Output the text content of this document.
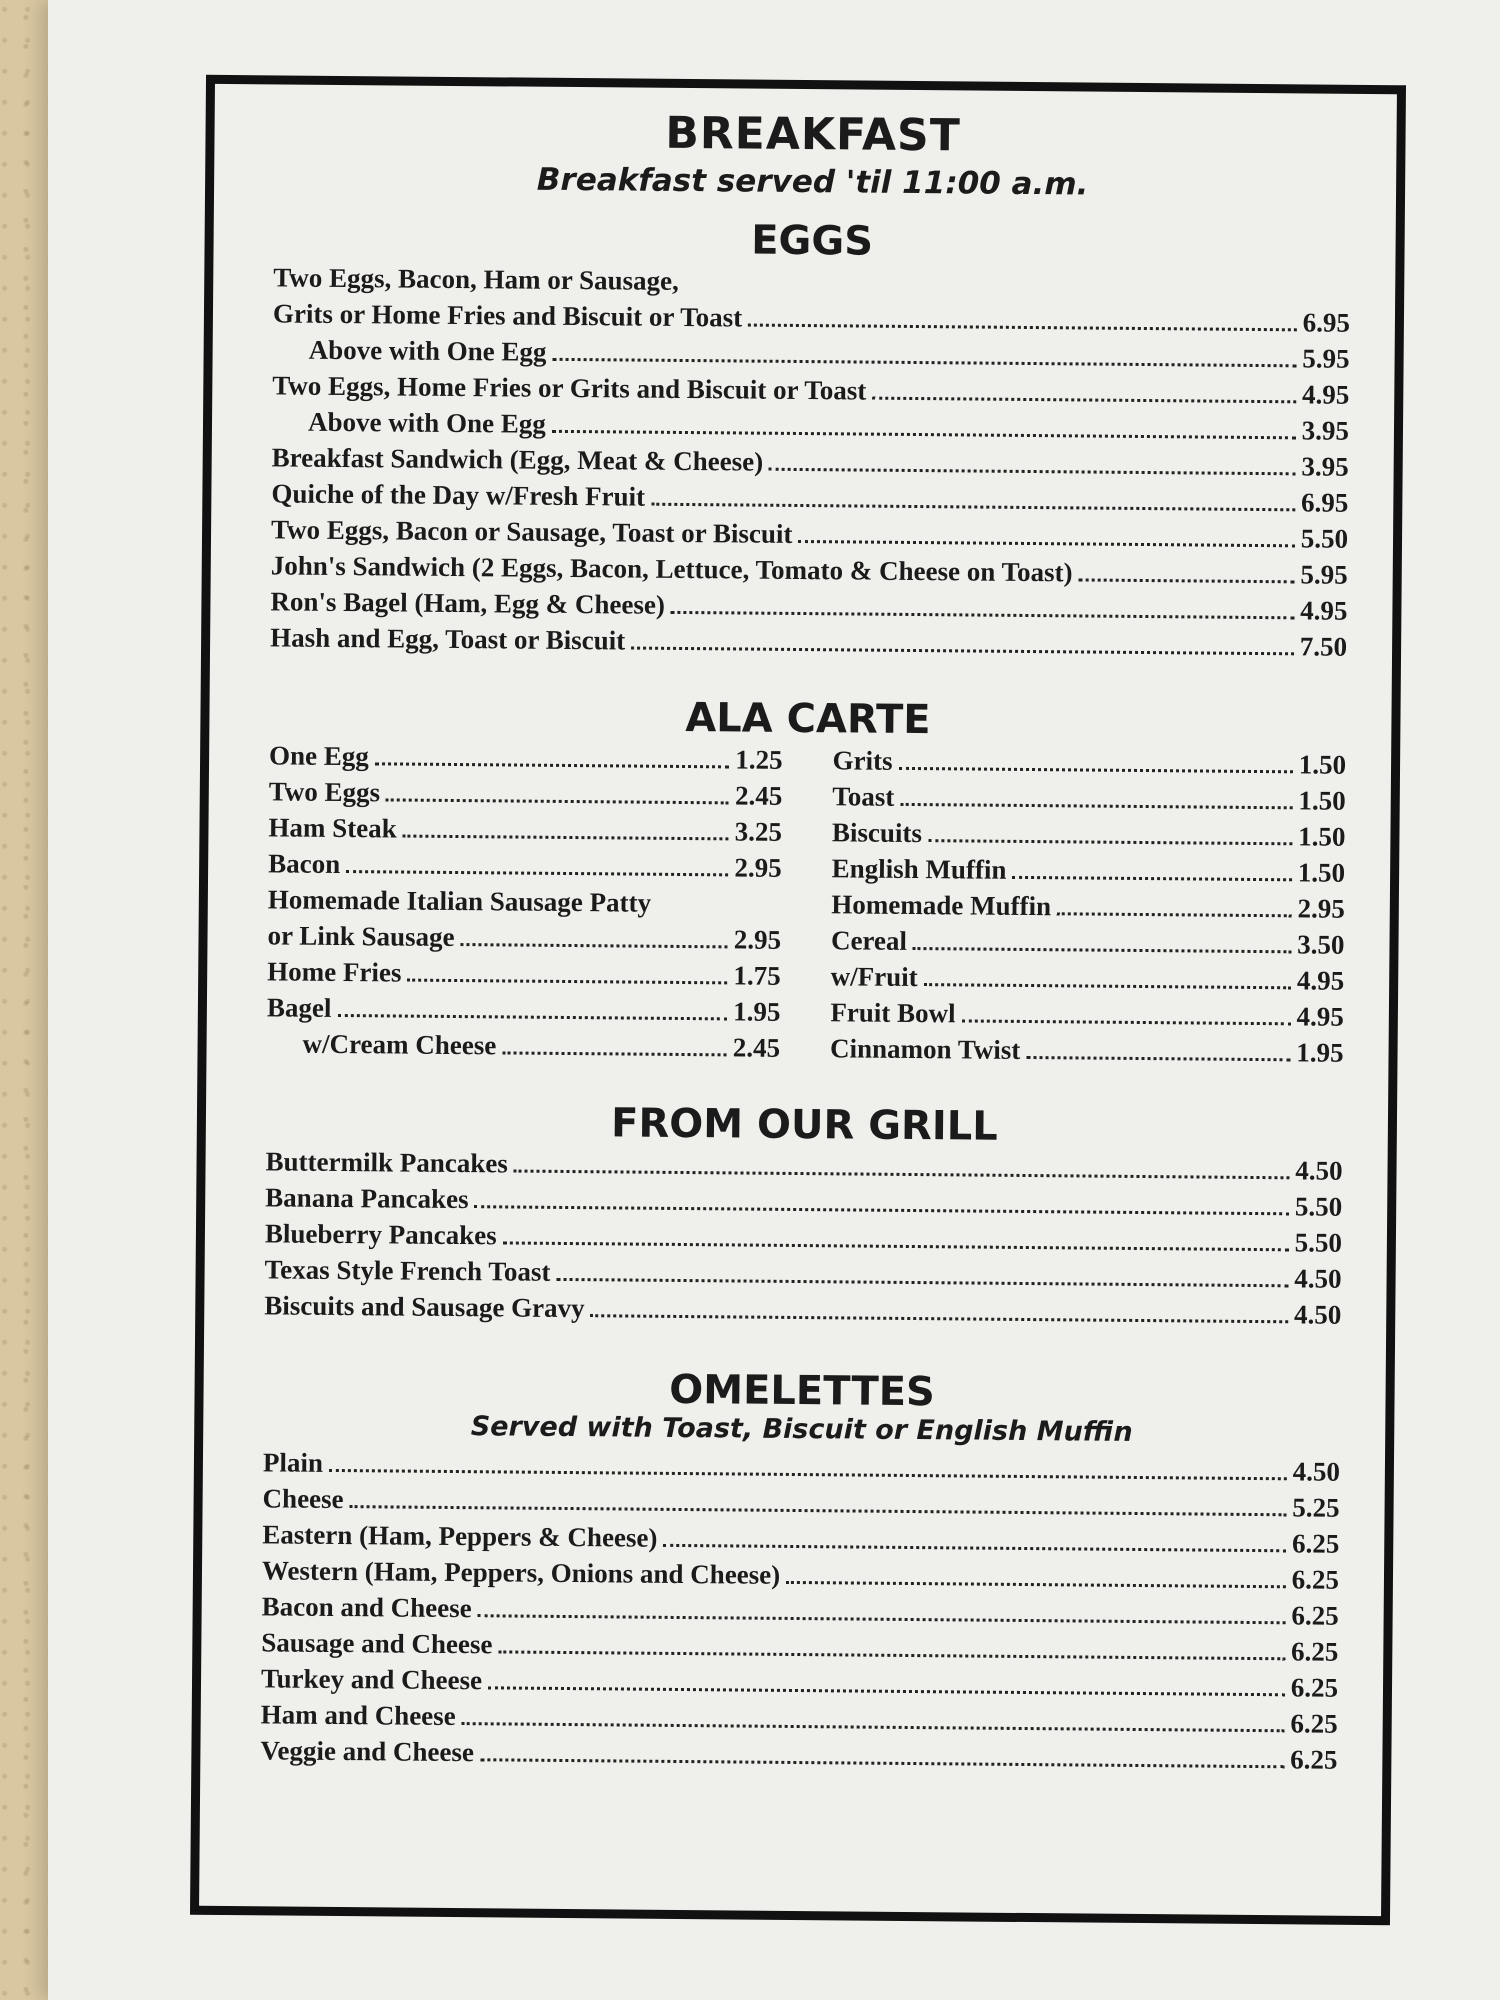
BREAKFAST

Breakfast served 'til 11:00 a.m.

EGGS
Two Eggs, Bacon, Ham or Sausage,
Grits or Home Fries and Biscuit or Toast	6.95
Above with One Egg	5.95
Two Eggs, Home Fries or Grits and Biscuit or Toast	4.95
Above with One Egg	3.95
Breakfast Sandwich (Egg, Meat & Cheese)	3.95
Quiche of the Day w/Fresh Fruit	6.95
Two Eggs, Bacon or Sausage, Toast or Biscuit	5.50
John's Sandwich (2 Eggs, Bacon, Lettuce, Tomato & Cheese on Toast)	5.95
Ron's Bagel (Ham, Egg & Cheese)	4.95
Hash and Egg, Toast or Biscuit	7.50
ALA CARTE
One Egg	1.25
Two Eggs	2.45
Ham Steak	3.25
Bacon	2.95
Homemade Italian Sausage Patty
or Link Sausage	2.95
Home Fries	1.75
Bagel	1.95
w/Cream Cheese	2.45
Grits	1.50
Toast	1.50
Biscuits	1.50
English Muffin	1.50
Homemade Muffin	2.95
Cereal	3.50
w/Fruit	4.95
Fruit Bowl	4.95
Cinnamon Twist	1.95
FROM OUR GRILL
Buttermilk Pancakes	4.50
Banana Pancakes	5.50
Blueberry Pancakes	5.50
Texas Style French Toast	4.50
Biscuits and Sausage Gravy	4.50
OMELETTES

Served with Toast, Biscuit or English Muffin

Plain	4.50
Cheese	5.25
Eastern (Ham, Peppers & Cheese)	6.25
Western (Ham, Peppers, Onions and Cheese)	6.25
Bacon and Cheese	6.25
Sausage and Cheese	6.25
Turkey and Cheese	6.25
Ham and Cheese	6.25
Veggie and Cheese	6.25
